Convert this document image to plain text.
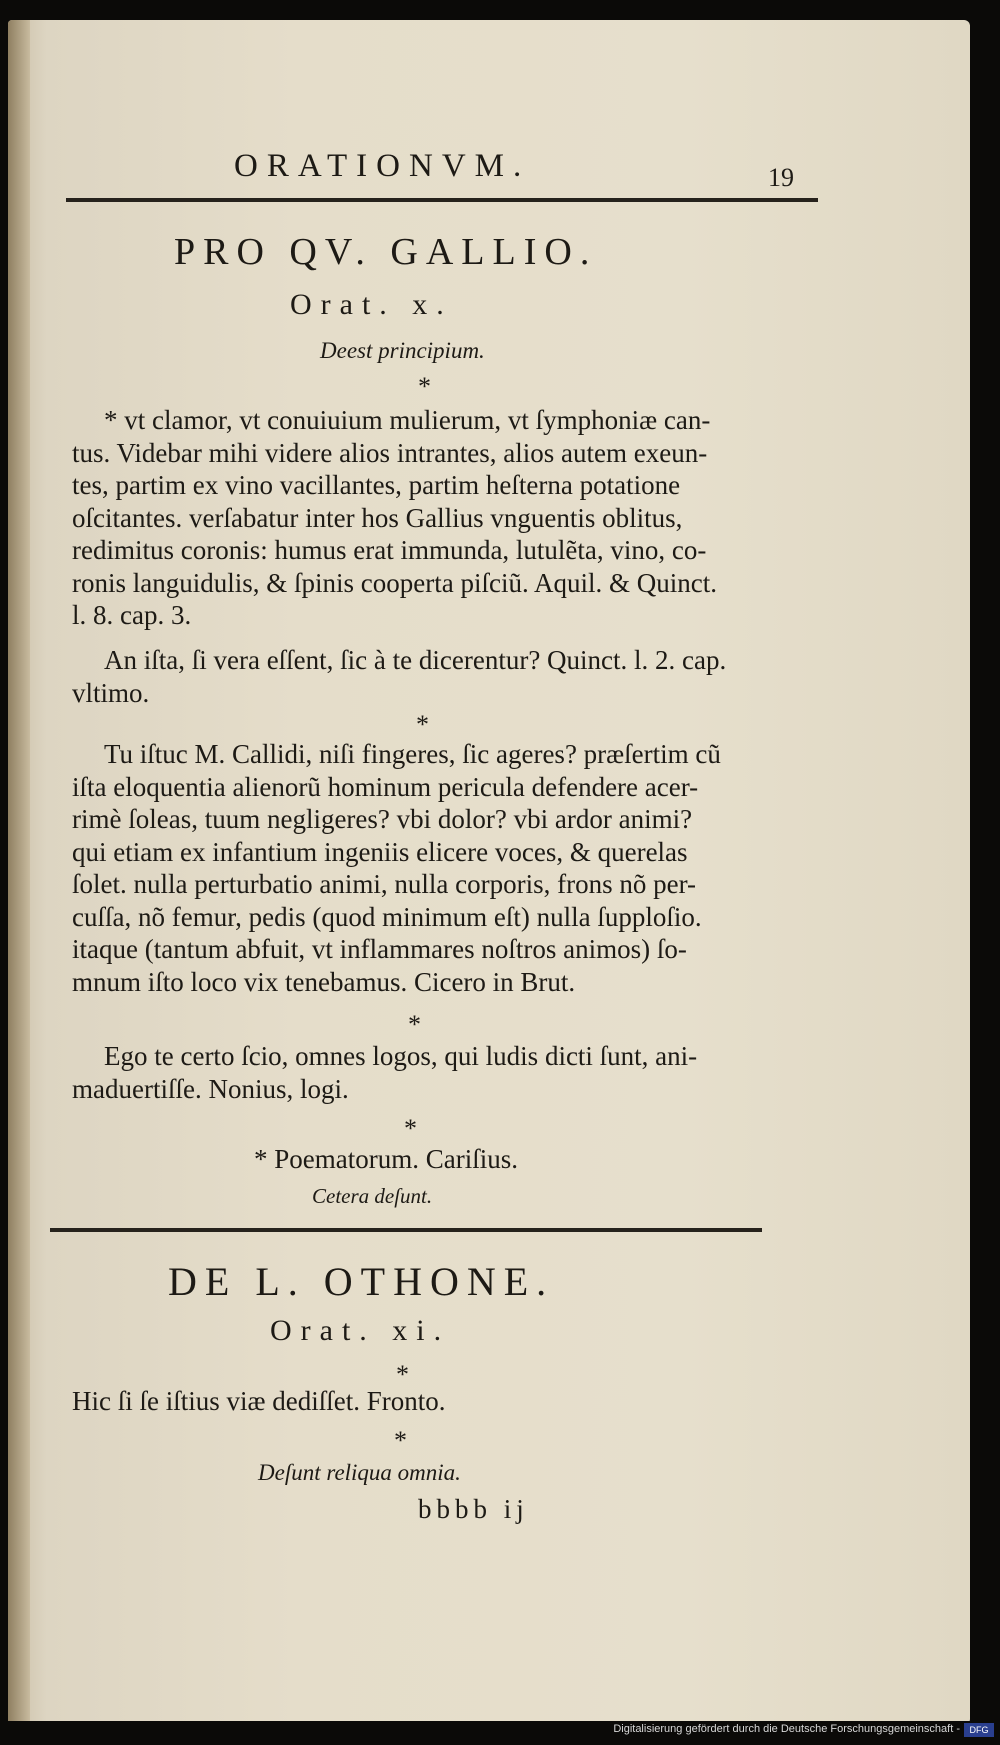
ORATIONVM.	19
PRO QV. GALLIO.
Orat. x.
Deest principium.
*

* vt clamor, vt conuiuium mulierum, vt ſymphoniæ can-

tus. Videbar mihi videre alios intrantes, alios autem exeun-

tes, partim ex vino vacillantes, partim heſterna potatione

oſcitantes. verſabatur inter hos Gallius vnguentis oblitus,

redimitus coronis: humus erat immunda, lutulẽta, vino, co-

ronis languidulis, & ſpinis cooperta piſciũ. Aquil. & Quinct.

l. 8. cap. 3.

An iſta, ſi vera eſſent, ſic à te dicerentur? Quinct. l. 2. cap.

vltimo.

*

Tu iſtuc M. Callidi, niſi fingeres, ſic ageres? præſertim cũ

iſta eloquentia alienorũ hominum pericula defendere acer-

rimè ſoleas, tuum negligeres? vbi dolor? vbi ardor animi?

qui etiam ex infantium ingeniis elicere voces, & querelas

ſolet. nulla perturbatio animi, nulla corporis, frons nõ per-

cuſſa, nõ femur, pedis (quod minimum eſt) nulla ſupploſio.

itaque (tantum abfuit, vt inflammares noſtros animos) ſo-

mnum iſto loco vix tenebamus. Cicero in Brut.

*

Ego te certo ſcio, omnes logos, qui ludis dicti ſunt, ani-

maduertiſſe. Nonius, logi.

*
* Poematorum. Cariſius.
Cetera deſunt.
DE L. OTHONE.
Orat. xi.
*
Hic ſi ſe iſtius viæ dediſſet. Fronto.
*
Deſunt reliqua omnia.
bbbb ij
Digitalisierung gefördert durch die Deutsche Forschungsgemeinschaft -	DFG
